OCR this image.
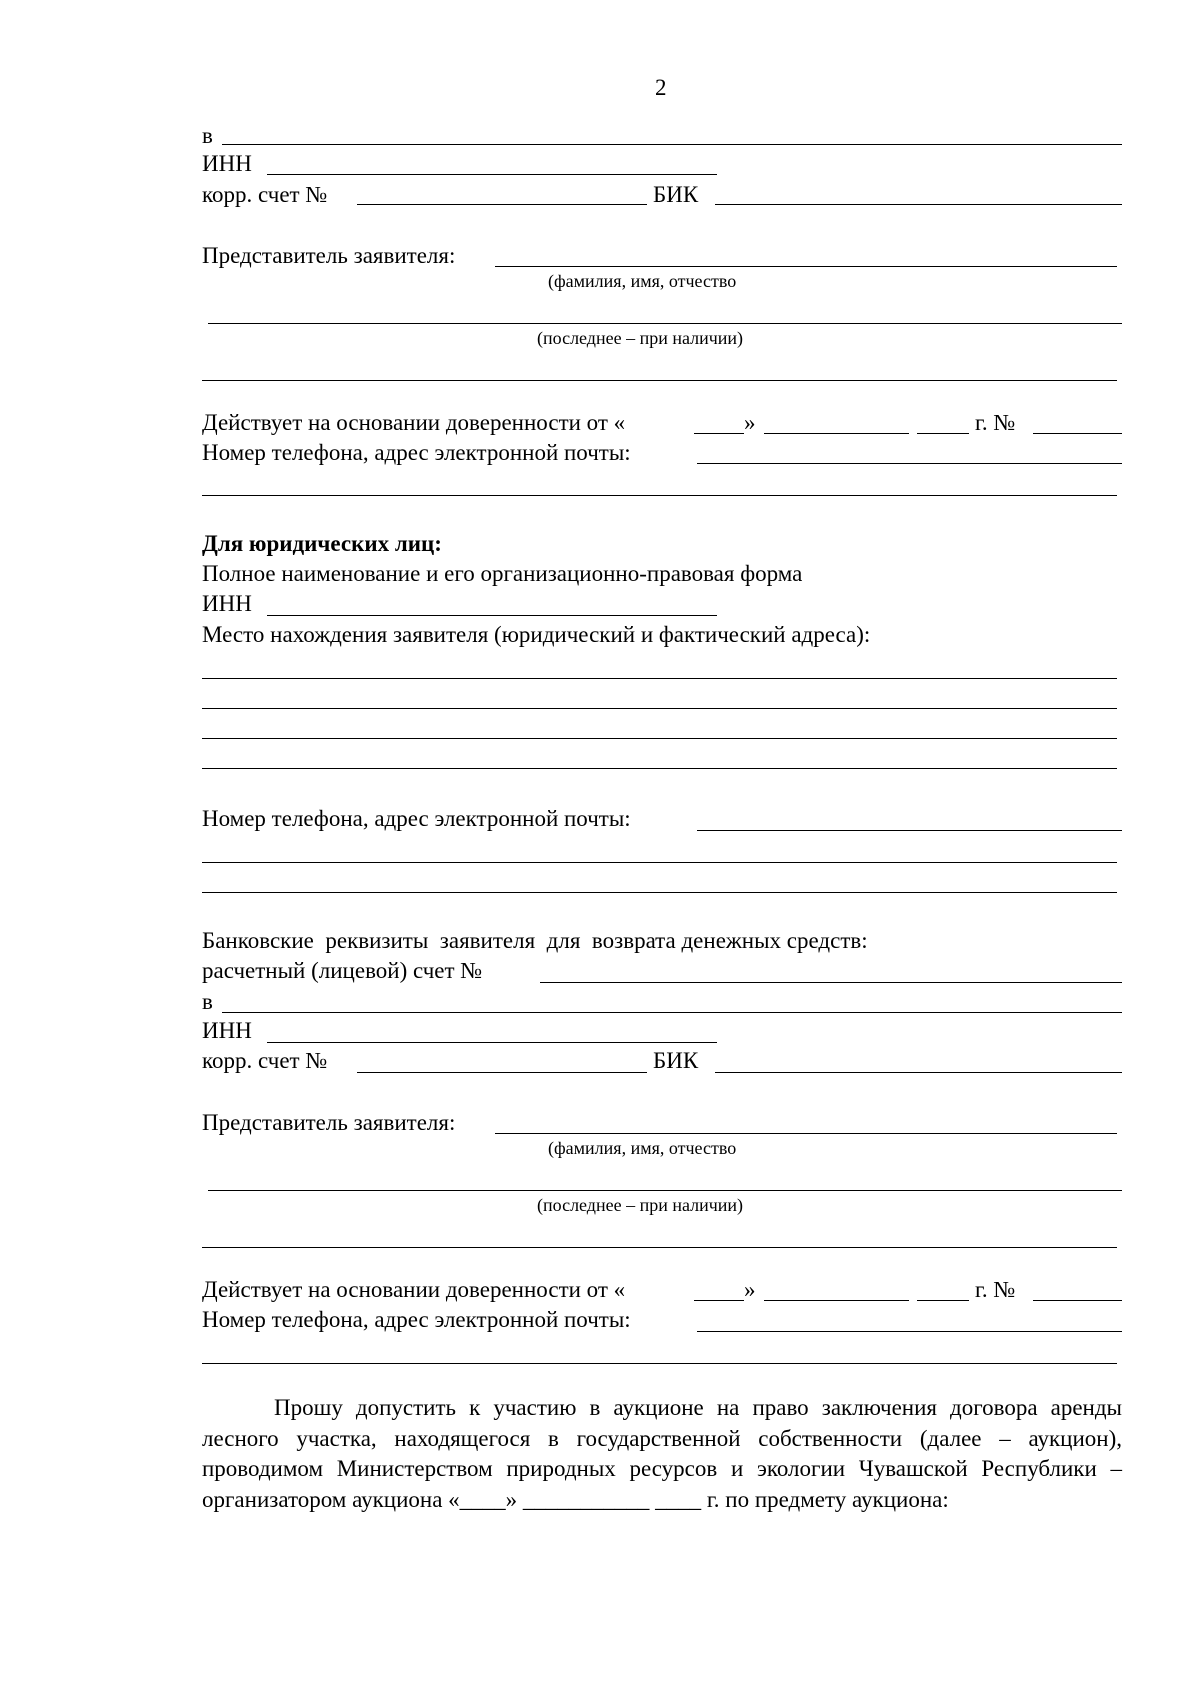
2
в
ИНН
корр. счет №	БИК
Представитель заявителя:
(фамилия, имя, отчество
(последнее – при наличии)
Действует на основании доверенности от «	»	г. №
Номер телефона, адрес электронной почты:
Для юридических лиц:
Полное наименование и его организационно-правовая форма
ИНН
Место нахождения заявителя (юридический и фактический адреса):
Номер телефона, адрес электронной почты:
Банковские  реквизиты  заявителя  для  возврата денежных средств:
расчетный (лицевой) счет №
в
ИНН
корр. счет №	БИК
Представитель заявителя:
(фамилия, имя, отчество
(последнее – при наличии)
Действует на основании доверенности от «	»	г. №
Номер телефона, адрес электронной почты:
Прошу допустить к участию в аукционе на право заключения договора аренды лесного участка, находящегося в государственной собственности (далее – аукцион), проводимом Министерством природных ресурсов и экологии Чувашской Республики – организатором аукциона «____» ___________ ____ г. по предмету аукциона:
